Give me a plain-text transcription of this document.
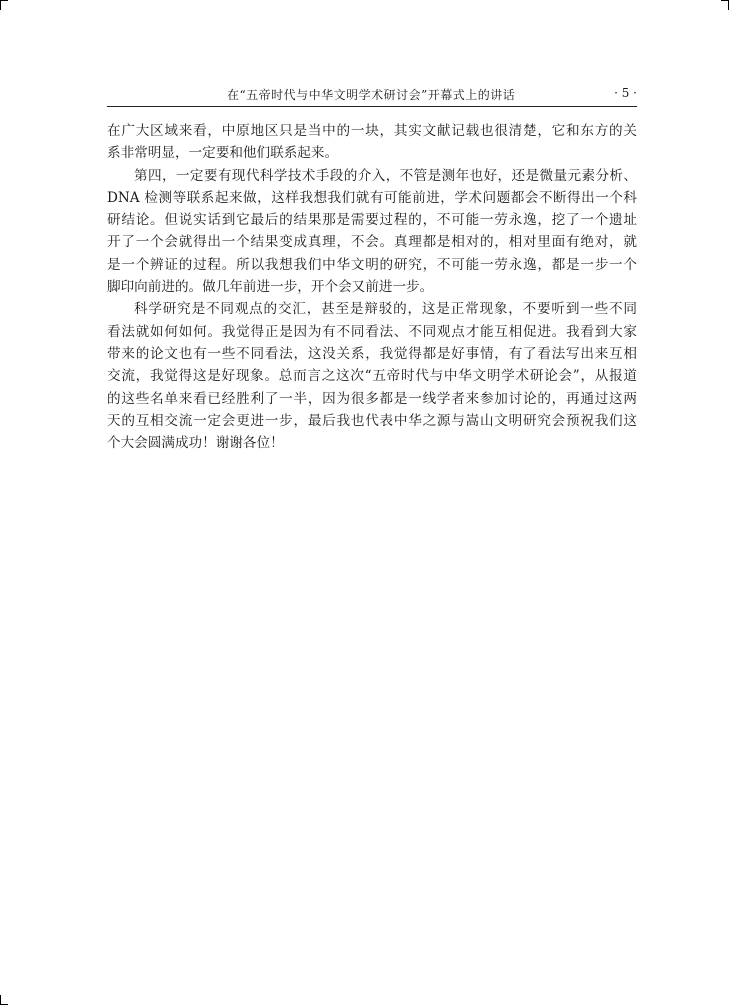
在“五帝时代与中华文明学术研讨会”开幕式上的讲话	· 5 ·

在广大区域来看，中原地区只是当中的一块，其实文献记载也很清楚，它和东方的关
系非常明显，一定要和他们联系起来。

第四，一定要有现代科学技术手段的介入，不管是测年也好，还是微量元素分析、
DNA 检测等联系起来做，这样我想我们就有可能前进，学术问题都会不断得出一个科
研结论。但说实话到它最后的结果那是需要过程的，不可能一劳永逸，挖了一个遗址
开了一个会就得出一个结果变成真理，不会。真理都是相对的，相对里面有绝对，就
是一个辨证的过程。所以我想我们中华文明的研究，不可能一劳永逸，都是一步一个
脚印向前进的。做几年前进一步，开个会又前进一步。

科学研究是不同观点的交汇，甚至是辩驳的，这是正常现象，不要听到一些不同
看法就如何如何。我觉得正是因为有不同看法、不同观点才能互相促进。我看到大家
带来的论文也有一些不同看法，这没关系，我觉得都是好事情，有了看法写出来互相
交流，我觉得这是好现象。总而言之这次“五帝时代与中华文明学术研论会”，从报道
的这些名单来看已经胜利了一半，因为很多都是一线学者来参加讨论的，再通过这两
天的互相交流一定会更进一步，最后我也代表中华之源与嵩山文明研究会预祝我们这
个大会圆满成功！谢谢各位！
